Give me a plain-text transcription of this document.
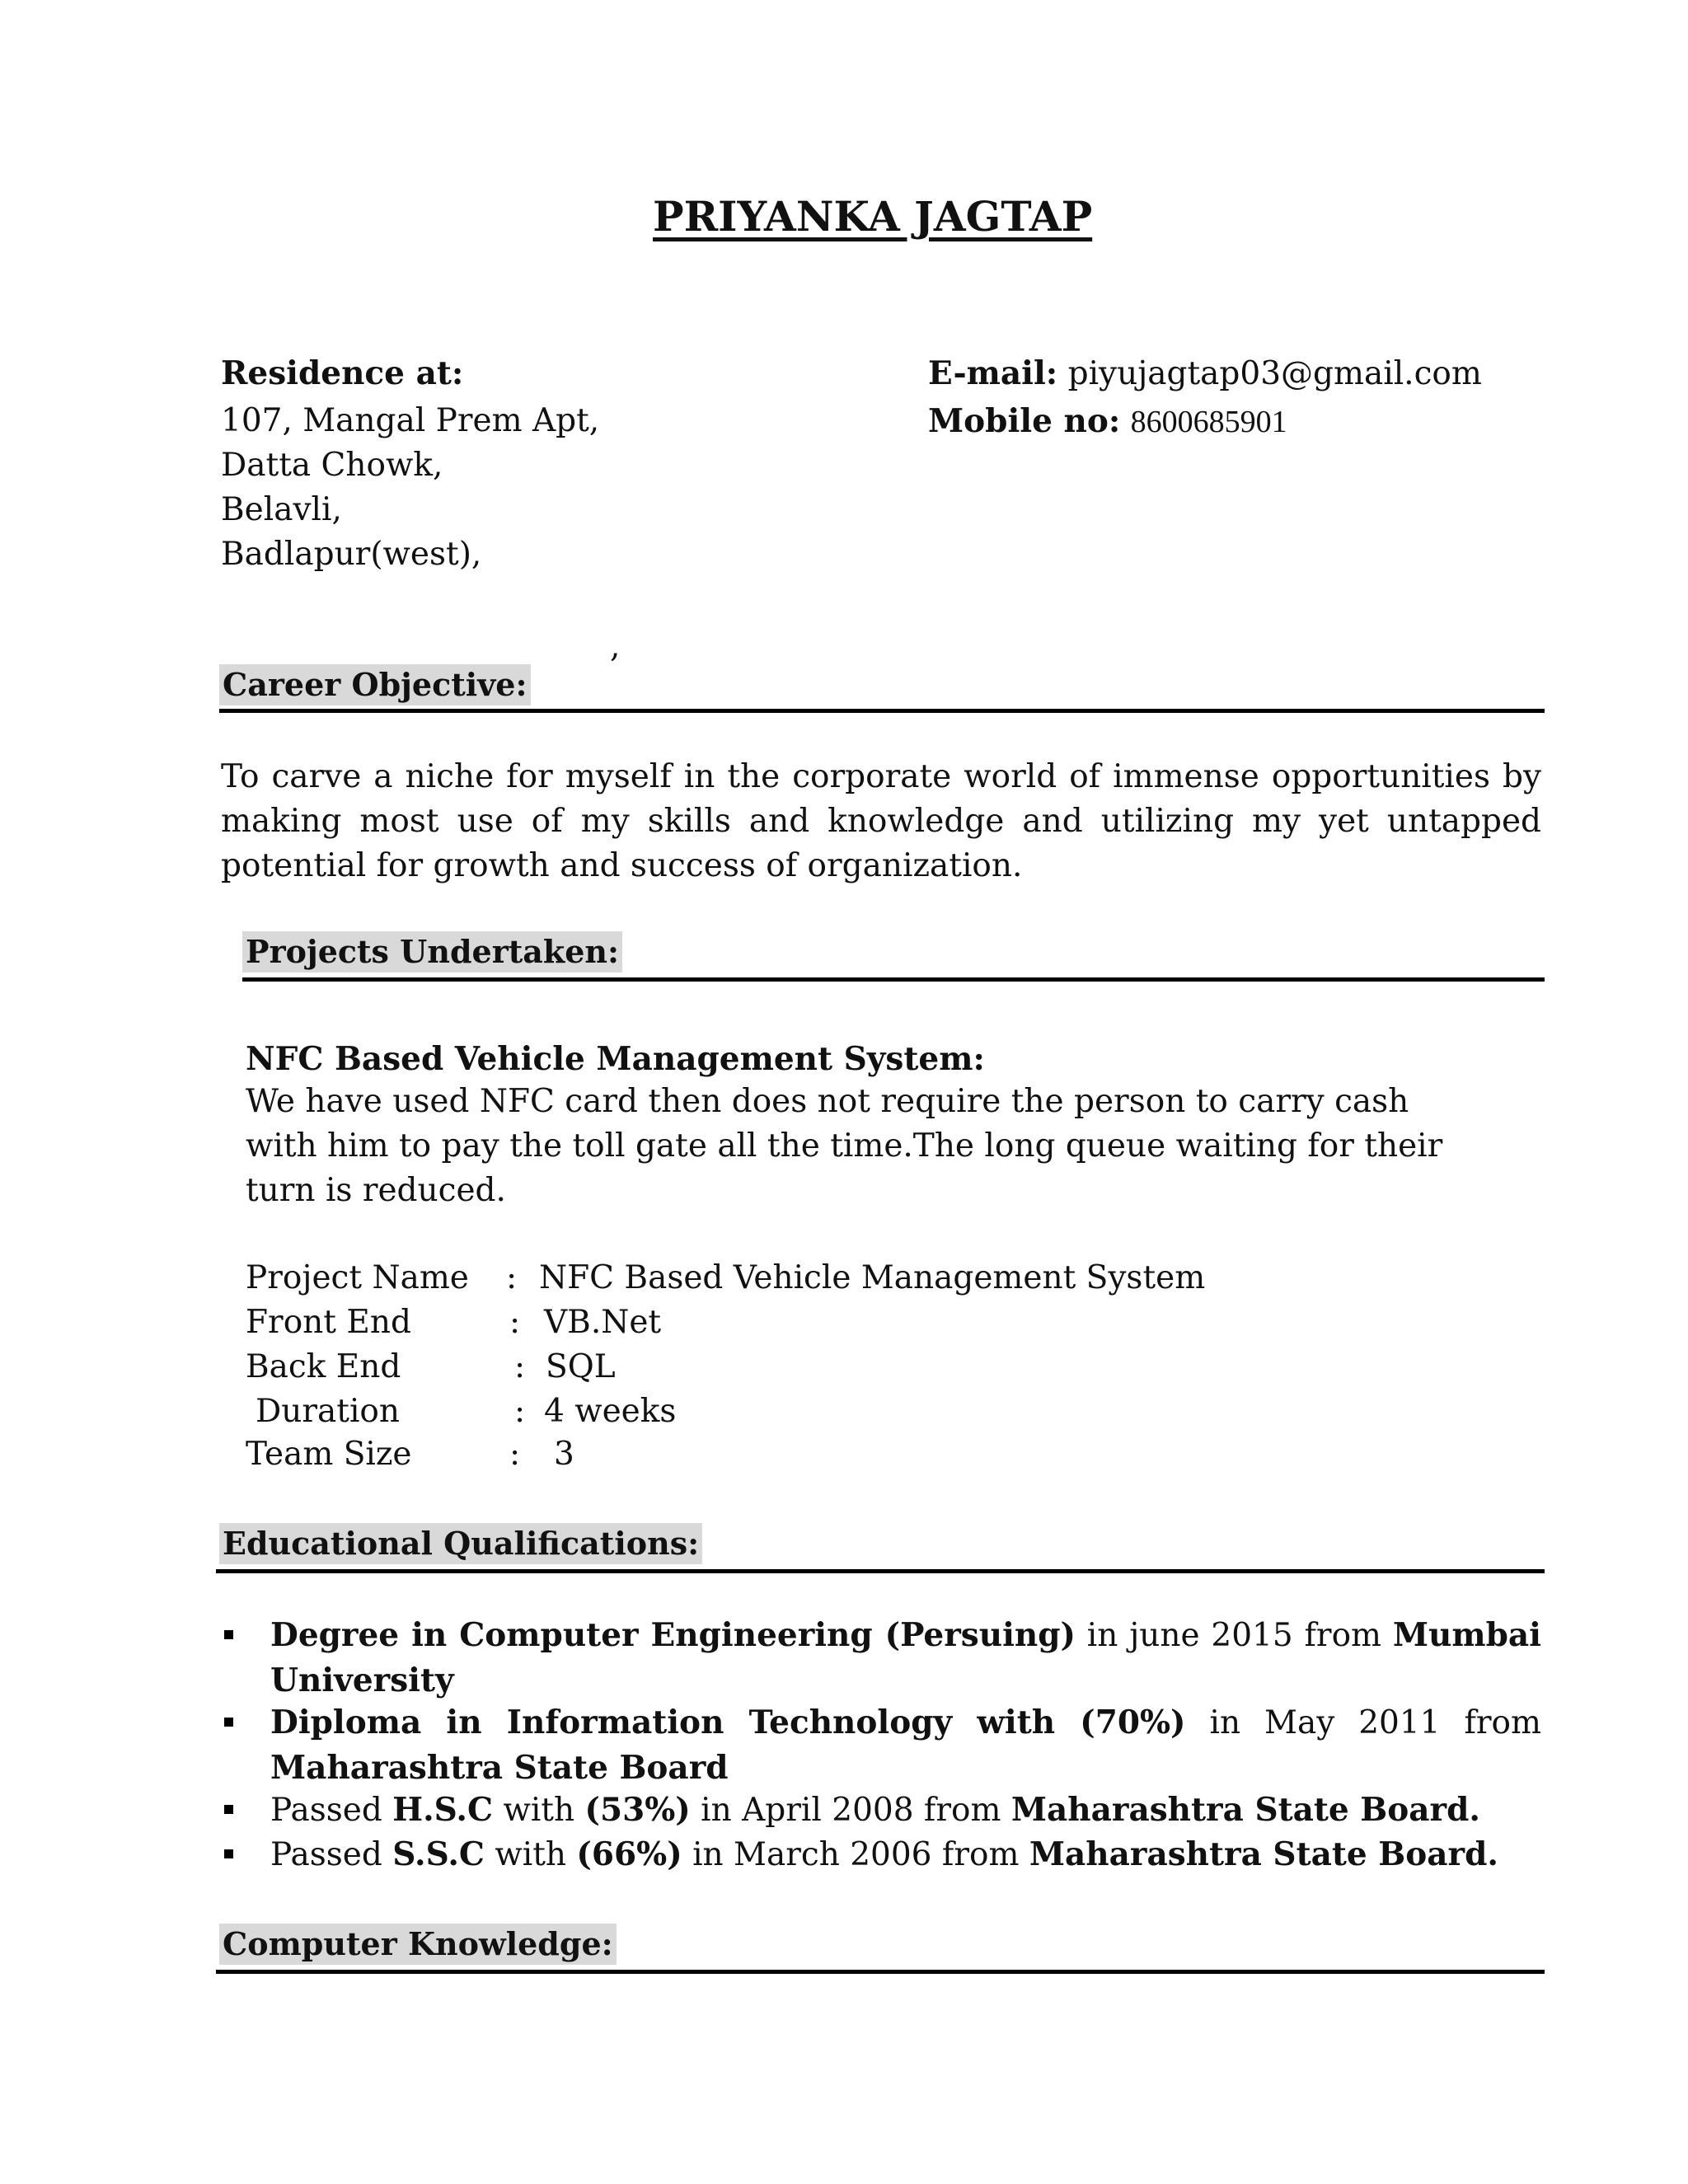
PRIYANKA JAGTAP
Residence at:
107, Mangal Prem Apt,
Datta Chowk,
Belavli,
Badlapur(west),
,
E-mail: piyujagtap03@gmail.com
Mobile no: 8600685901
Career Objective:
To carve a niche for myself in the corporate world of immense opportunities by making most use of my skills and knowledge and utilizing my yet untapped potential for growth and success of organization.
Projects Undertaken:
NFC Based Vehicle Management System:
We have used NFC card then does not require the person to carry cash with him to pay the toll gate all the time.The long queue waiting for their turn is reduced.
Project Name : NFC Based Vehicle Management System
Front End	: VB.Net
Back End	: SQL
Duration	: 4 weeks
Team Size	: 3
Educational Qualifications:
Degree in Computer Engineering (Persuing) in june 2015 from Mumbai University
Diploma in Information Technology with (70%) in May 2011 from Maharashtra State Board
Passed H.S.C with (53%) in April 2008 from Maharashtra State Board.
Passed S.S.C with (66%) in March 2006 from Maharashtra State Board.
Computer Knowledge:
